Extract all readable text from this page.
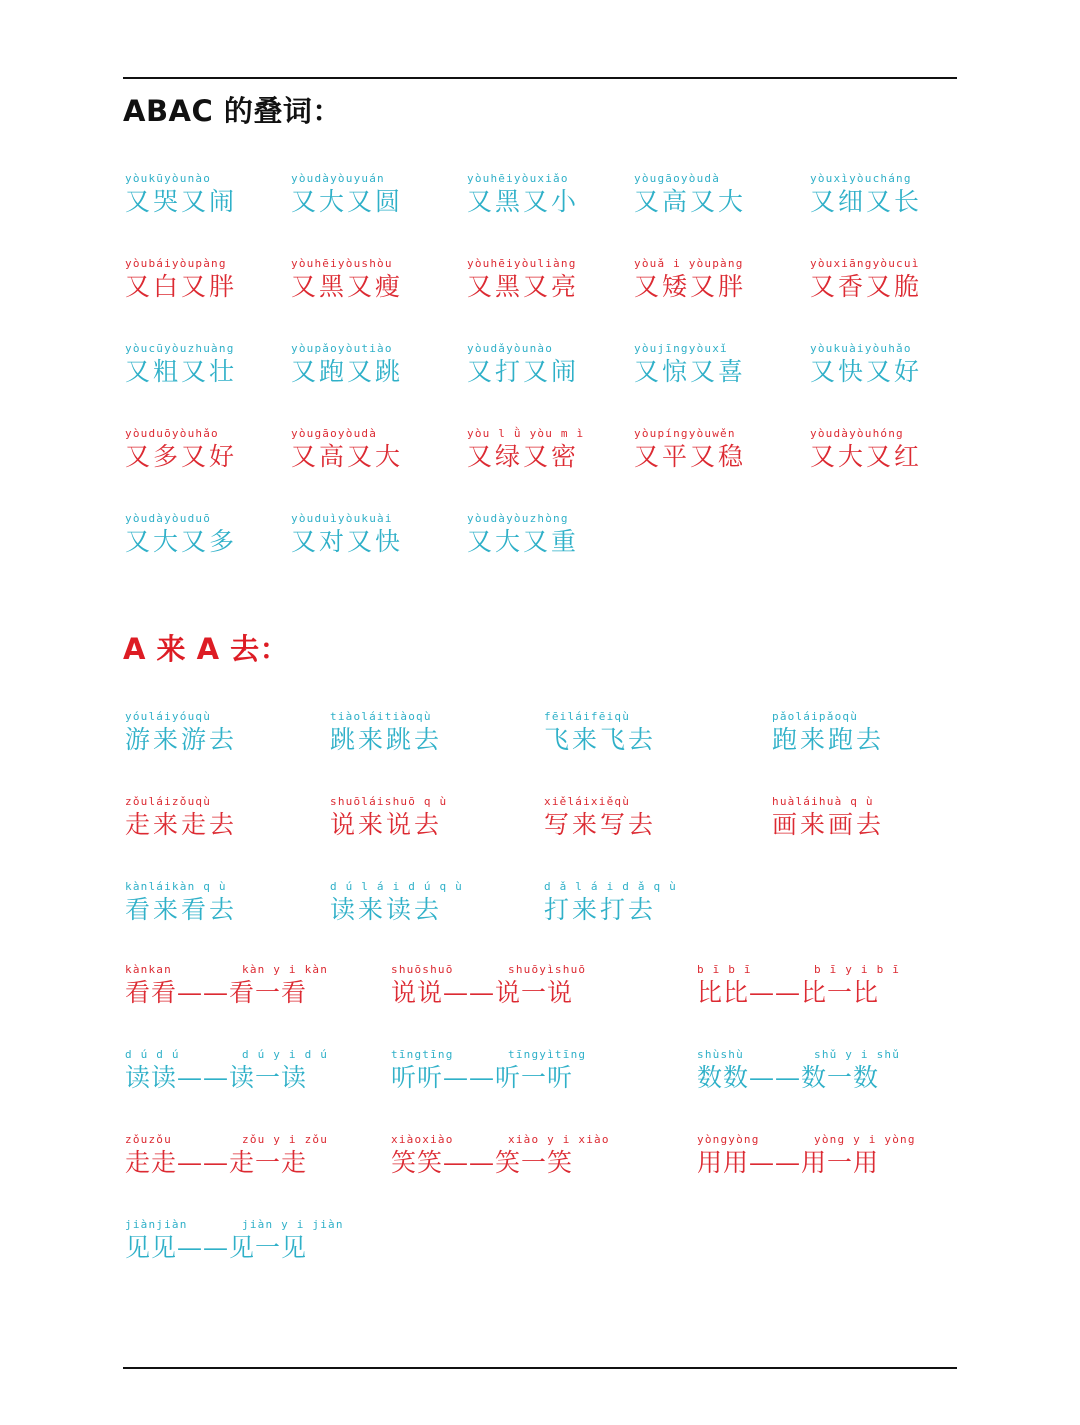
ABAC 的叠词：
yòukūyòunào
又哭又闹
yòudàyòuyuán
又大又圆
yòuhēiyòuxiǎo
又黑又小
yòugāoyòudà
又高又大
yòuxìyòucháng
又细又长
yòubáiyòupàng
又白又胖
yòuhēiyòushòu
又黑又瘦
yòuhēiyòuliàng
又黑又亮
yòuǎ i yòupàng
又矮又胖
yòuxiāngyòucuì
又香又脆
yòucūyòuzhuàng
又粗又壮
yòupǎoyòutiào
又跑又跳
yòudǎyòunào
又打又闹
yòujīngyòuxǐ
又惊又喜
yòukuàiyòuhǎo
又快又好
yòuduōyòuhǎo
又多又好
yòugāoyòudà
又高又大
yòu l ǜ yòu m ì
又绿又密
yòupíngyòuwěn
又平又稳
yòudàyòuhóng
又大又红
yòudàyòuduō
又大又多
yòuduìyòukuài
又对又快
yòudàyòuzhòng
又大又重
A 来 A 去：
yóuláiyóuqù
游来游去
tiàoláitiàoqù
跳来跳去
fēiláifēiqù
飞来飞去
pǎoláipǎoqù
跑来跑去
zǒuláizǒuqù
走来走去
shuōláishuō q ù
说来说去
xiěláixiěqù
写来写去
huàláihuà q ù
画来画去
kànláikàn q ù
看来看去
d ú l á i d ú q ù
读来读去
d ǎ l á i d ǎ q ù
打来打去
kànkan	kàn y i kàn
看看——看一看
shuōshuō	shuōyìshuō
说说——说一说
b ī b ī	b ī y i b ī
比比——比一比
d ú d ú	d ú y i d ú
读读——读一读
tīngtīng	tīngyìtīng
听听——听一听
shùshù	shǔ y i shǔ
数数——数一数
zǒuzǒu	zǒu y i zǒu
走走——走一走
xiàoxiào	xiào y i xiào
笑笑——笑一笑
yòngyòng	yòng y i yòng
用用——用一用
jiànjiàn	jiàn y i jiàn
见见——见一见
